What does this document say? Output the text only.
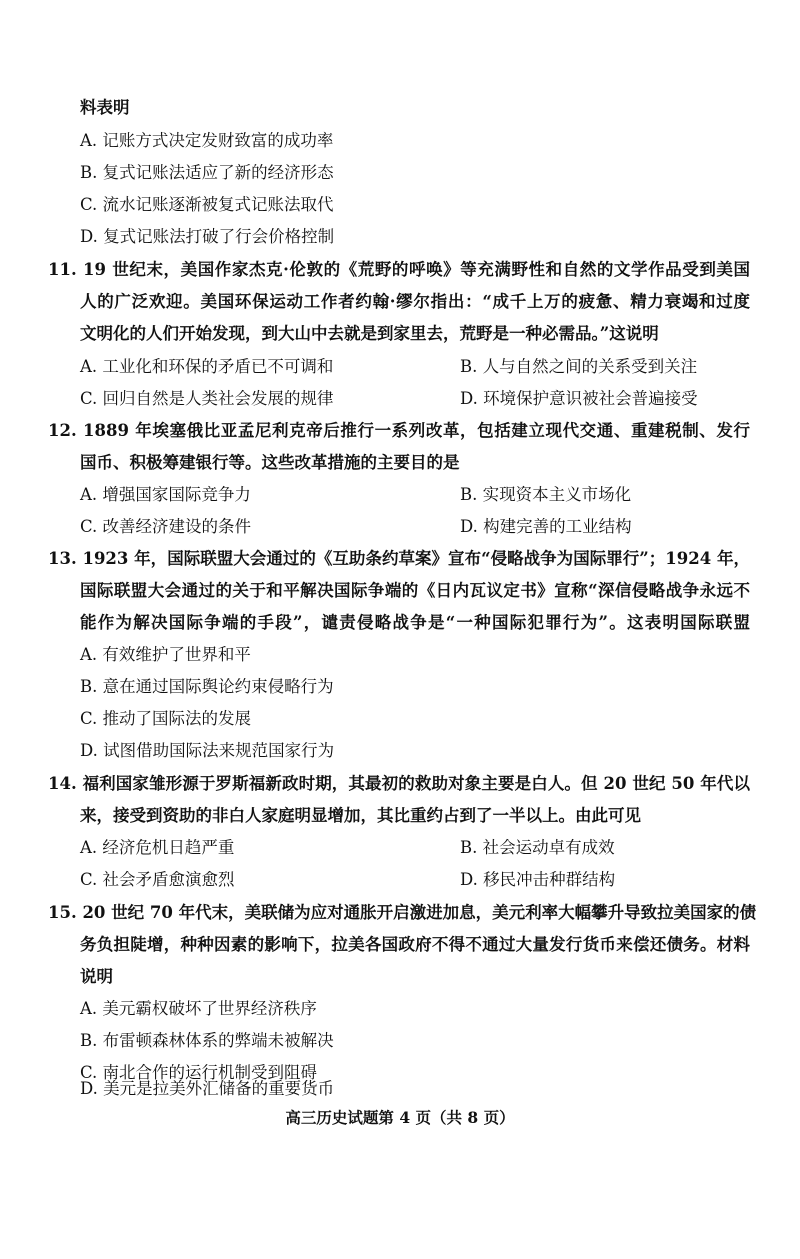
料表明
A. 记账方式决定发财致富的成功率
B. 复式记账法适应了新的经济形态
C. 流水记账逐渐被复式记账法取代
D. 复式记账法打破了行会价格控制
11. 19 世纪末，美国作家杰克·伦敦的《荒野的呼唤》等充满野性和自然的文学作品受到美国
人的广泛欢迎。美国环保运动工作者约翰·缪尔指出：“成千上万的疲惫、精力衰竭和过度
文明化的人们开始发现，到大山中去就是到家里去，荒野是一种必需品。”这说明
A. 工业化和环保的矛盾已不可调和	B. 人与自然之间的关系受到关注
C. 回归自然是人类社会发展的规律	D. 环境保护意识被社会普遍接受
12. 1889 年埃塞俄比亚孟尼利克帝后推行一系列改革，包括建立现代交通、重建税制、发行
国币、积极筹建银行等。这些改革措施的主要目的是
A. 增强国家国际竞争力	B. 实现资本主义市场化
C. 改善经济建设的条件	D. 构建完善的工业结构
13. 1923 年，国际联盟大会通过的《互助条约草案》宣布“侵略战争为国际罪行”；1924 年，
国际联盟大会通过的关于和平解决国际争端的《日内瓦议定书》宣称“深信侵略战争永远不
能作为解决国际争端的手段”，谴责侵略战争是“一种国际犯罪行为”。这表明国际联盟
A. 有效维护了世界和平
B. 意在通过国际舆论约束侵略行为
C. 推动了国际法的发展
D. 试图借助国际法来规范国家行为
14. 福利国家雏形源于罗斯福新政时期，其最初的救助对象主要是白人。但 20 世纪 50 年代以
来，接受到资助的非白人家庭明显增加，其比重约占到了一半以上。由此可见
A. 经济危机日趋严重	B. 社会运动卓有成效
C. 社会矛盾愈演愈烈	D. 移民冲击种群结构
15. 20 世纪 70 年代末，美联储为应对通胀开启激进加息，美元利率大幅攀升导致拉美国家的债
务负担陡增，种种因素的影响下，拉美各国政府不得不通过大量发行货币来偿还债务。材料
说明
A. 美元霸权破坏了世界经济秩序
B. 布雷顿森林体系的弊端未被解决
C. 南北合作的运行机制受到阻碍
D. 美元是拉美外汇储备的重要货币
高三历史试题第 4 页（共 8 页）
